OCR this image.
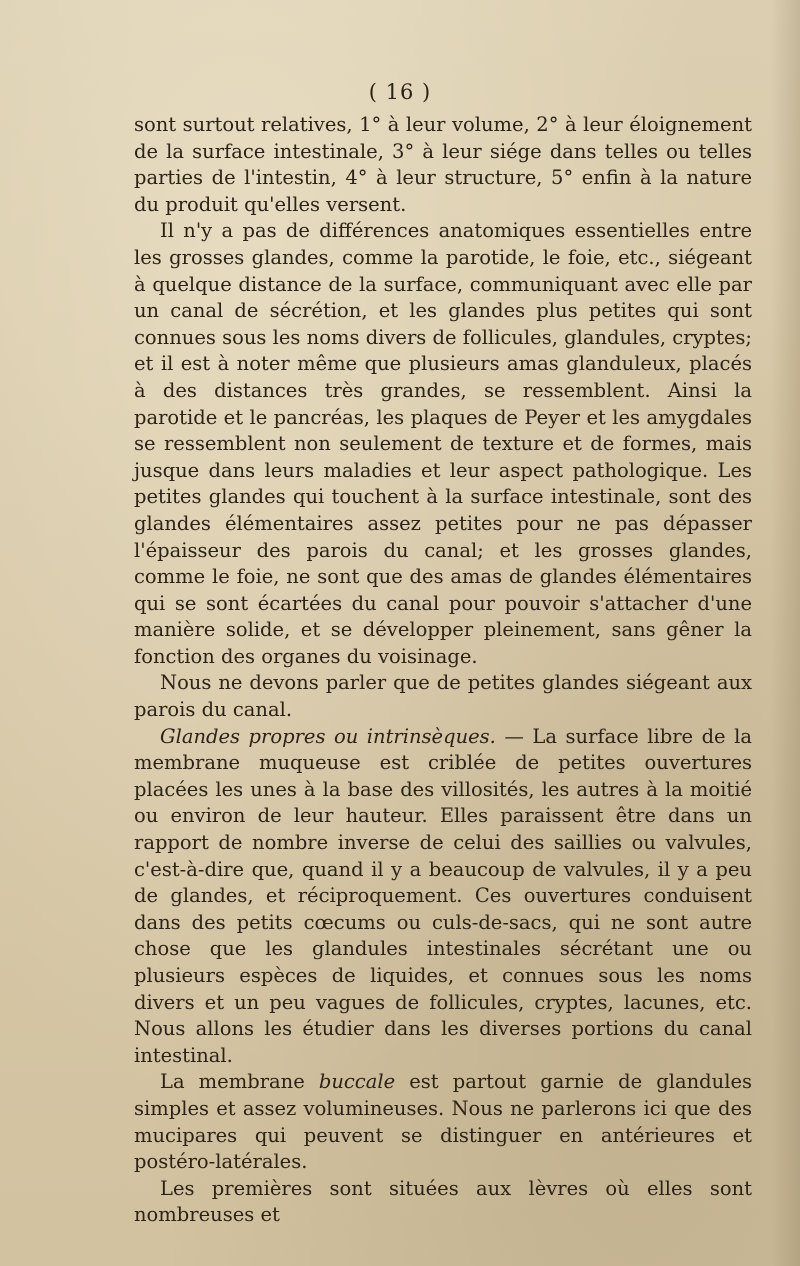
( 16 )

sont surtout relatives, 1° à leur volume, 2° à leur éloignement de la surface intestinale, 3° à leur siége dans telles ou telles parties de l'intestin, 4° à leur structure, 5° enfin à la nature du produit qu'elles versent.

Il n'y a pas de différences anatomiques essentielles entre les grosses glandes, comme la parotide, le foie, etc., siégeant à quelque distance de la surface, communiquant avec elle par un canal de sécrétion, et les glandes plus petites qui sont connues sous les noms divers de follicules, glandules, cryptes; et il est à noter même que plusieurs amas glanduleux, placés à des distances très grandes, se ressemblent. Ainsi la parotide et le pancréas, les plaques de Peyer et les amygdales se ressemblent non seulement de texture et de formes, mais jusque dans leurs maladies et leur aspect pathologique. Les petites glandes qui touchent à la surface intestinale, sont des glandes élémentaires assez petites pour ne pas dépasser l'épaisseur des parois du canal; et les grosses glandes, comme le foie, ne sont que des amas de glandes élémentaires qui se sont écartées du canal pour pouvoir s'attacher d'une manière solide, et se développer pleinement, sans gêner la fonction des organes du voisinage.

Nous ne devons parler que de petites glandes siégeant aux parois du canal.

Glandes propres ou intrinsèques. — La surface libre de la membrane muqueuse est criblée de petites ouvertures placées les unes à la base des villosités, les autres à la moitié ou environ de leur hauteur. Elles paraissent être dans un rapport de nombre inverse de celui des saillies ou valvules, c'est-à-dire que, quand il y a beaucoup de valvules, il y a peu de glandes, et réciproquement. Ces ouvertures conduisent dans des petits cœcums ou culs-de-sacs, qui ne sont autre chose que les glandules intestinales sécrétant une ou plusieurs espèces de liquides, et connues sous les noms divers et un peu vagues de follicules, cryptes, lacunes, etc. Nous allons les étudier dans les diverses portions du canal intestinal.

La membrane buccale est partout garnie de glandules simples et assez volumineuses. Nous ne parlerons ici que des mucipares qui peuvent se distinguer en antérieures et postéro-latérales.

Les premières sont situées aux lèvres où elles sont nombreuses et
